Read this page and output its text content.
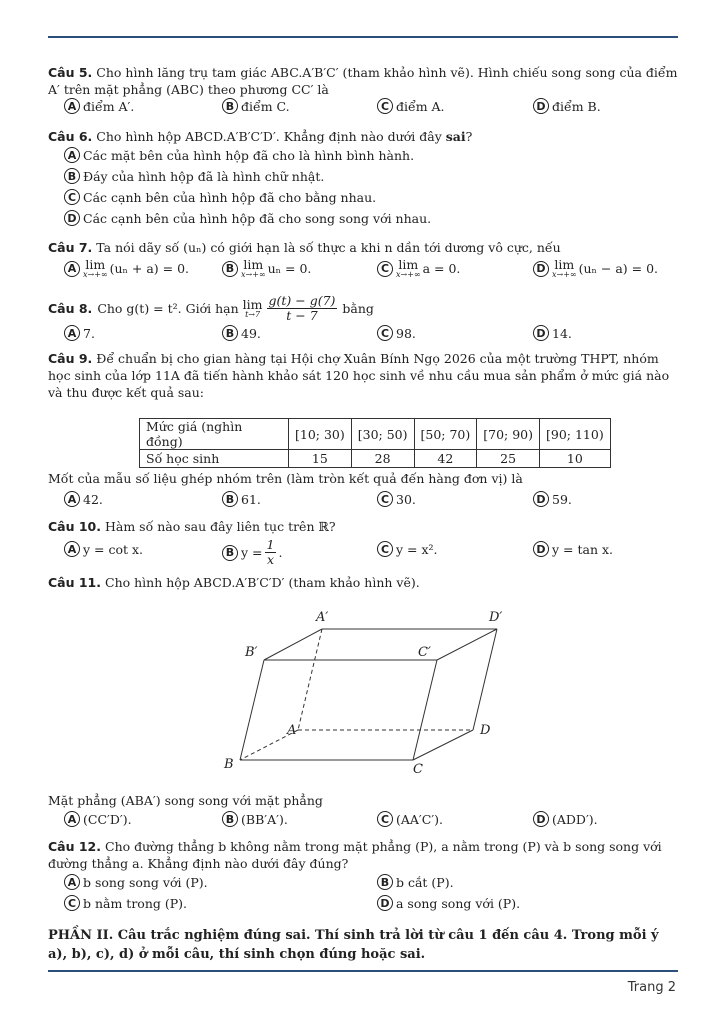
Câu 5. Cho hình lăng trụ tam giác ABC.A′B′C′ (tham khảo hình vẽ). Hình chiếu song song của điểm A′ trên mặt phẳng (ABC) theo phương CC′ là
A điểm A′.	B điểm C.	C điểm A.	D điểm B.
Câu 6. Cho hình hộp ABCD.A′B′C′D′. Khẳng định nào dưới đây sai?
A Các mặt bên của hình hộp đã cho là hình bình hành.
B Đáy của hình hộp đã là hình chữ nhật.
C Các cạnh bên của hình hộp đã cho bằng nhau.
D Các cạnh bên của hình hộp đã cho song song với nhau.
Câu 7. Ta nói dãy số (uₙ) có giới hạn là số thực a khi n dần tới dương vô cực, nếu
A lim
x→+∞ (uₙ + a) = 0.	B lim
x→+∞ uₙ = 0.	C lim
x→+∞ a = 0.	D lim
x→+∞ (uₙ − a) = 0.
Câu 8. Cho g(t) = t². Giới hạn lim
$t\to 7 \frac{g(t) - g(7)}{t - 7}$ bằng
A 7.	B 49.	C 98.	D 14.
Câu 9. Để chuẩn bị cho gian hàng tại Hội chợ Xuân Bính Ngọ 2026 của một trường THPT, nhóm học sinh của lớp 11A đã tiến hành khảo sát 120 học sinh về nhu cầu mua sản phẩm ở mức giá nào và thu được kết quả sau:
Mức giá (nghìn đồng)	[10; 30)	[30; 50)	[50; 70)	[70; 90)	[90; 110)
Số học sinh	15	28	42	25	10
Mốt của mẫu số liệu ghép nhóm trên (làm tròn kết quả đến hàng đơn vị) là
A 42.	B 61.	C 30.	D 59.
Câu 10. Hàm số nào sau đây liên tục trên ℝ?
A y = cot x.	B $y = \frac{1}{x}$ .	C y = x².	D y = tan x.
Câu 11. Cho hình hộp ABCD.A′B′C′D′ (tham khảo hình vẽ).
A′	D′
B′	C′
A	D
B	C
Mặt phẳng (ABA′) song song với mặt phẳng
A (CC′D′).	B (BB′A′).	C (AA′C′).	D (ADD′).
Câu 12. Cho đường thẳng b không nằm trong mặt phẳng (P), a nằm trong (P) và b song song với đường thẳng a. Khẳng định nào dưới đây đúng?
A b song song với (P).	B b cắt (P).
C b nằm trong (P).	D a song song với (P).
PHẦN II. Câu trắc nghiệm đúng sai. Thí sinh trả lời từ câu 1 đến câu 4. Trong mỗi ý a), b), c), d) ở mỗi câu, thí sinh chọn đúng hoặc sai.
Trang 2
